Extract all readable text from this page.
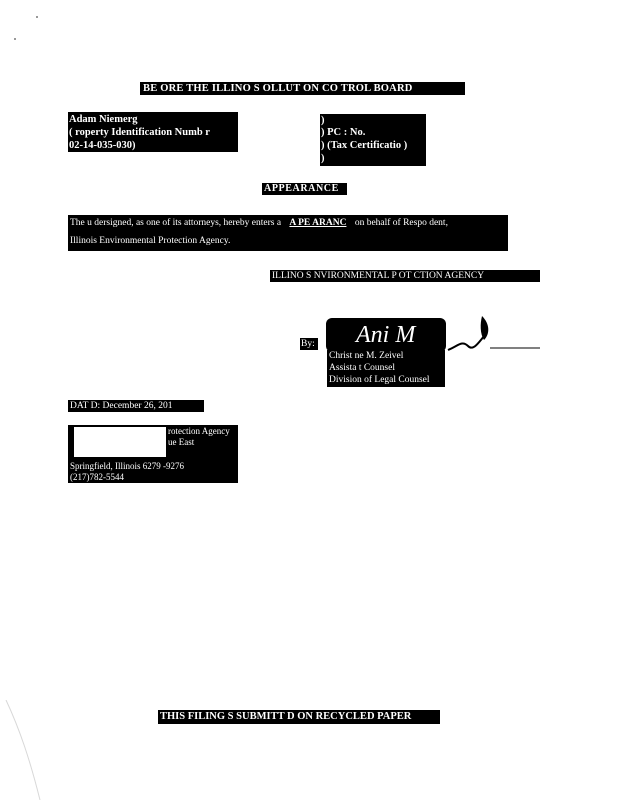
BE ORE THE ILLINO S OLLUT ON CO TROL BOARD
Adam Niemerg
( roperty Identification Numb r
02-14-035-030)
)
) PC : No.
) (Tax Certificatio )
)
APPEARANCE
The u dersigned, as one of its attorneys, hereby enters a A PE ARANC on behalf of Respo dent,
Illinois Environmental Protection Agency.
ILLINO S NVIRONMENTAL P OT CTION AGENCY
By: Ani M
Christ ne M. Zeivel
Assista t Counsel
Division of Legal Counsel
DAT D: December 26, 201
rotection Agency
ue East
Springfield, Illinois 6279 -9276
(217)782-5544
THIS FILING S SUBMITT D ON RECYCLED PAPER
